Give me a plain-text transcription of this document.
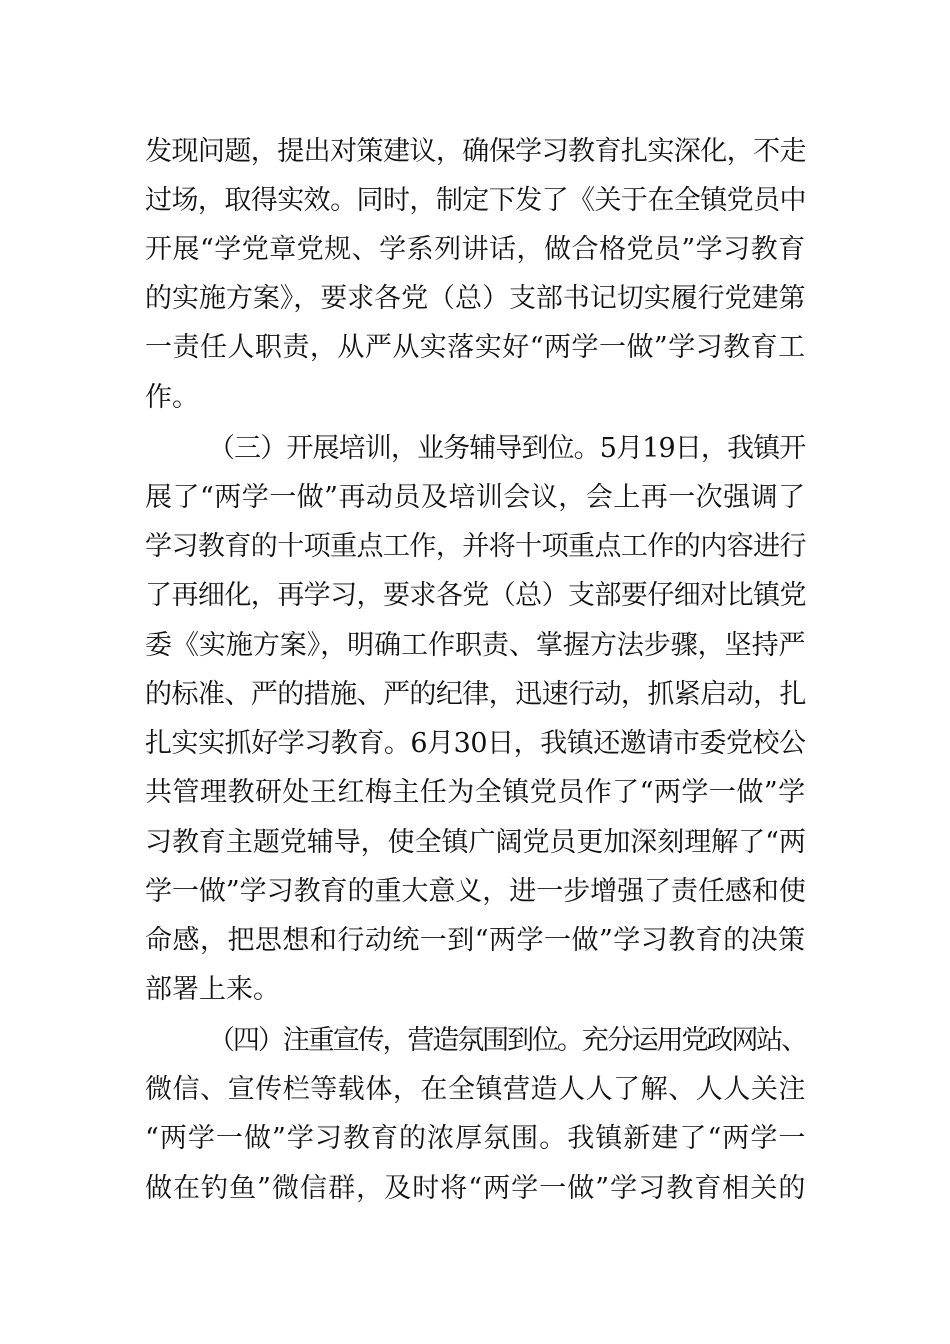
发现问题，提出对策建议，确保学习教育扎实深化，不走
过场，取得实效。同时，制定下发了《关于在全镇党员中
开展“学党章党规、学系列讲话，做合格党员”学习教育
的实施方案》，要求各党（总）支部书记切实履行党建第
一责任人职责，从严从实落实好“两学一做”学习教育工
作。
（三）开展培训，业务辅导到位。5月19日，我镇开
展了“两学一做”再动员及培训会议，会上再一次强调了
学习教育的十项重点工作，并将十项重点工作的内容进行
了再细化，再学习，要求各党（总）支部要仔细对比镇党
委《实施方案》，明确工作职责、掌握方法步骤，坚持严
的标准、严的措施、严的纪律，迅速行动，抓紧启动，扎
扎实实抓好学习教育。6月30日，我镇还邀请市委党校公
共管理教研处王红梅主任为全镇党员作了“两学一做”学
习教育主题党辅导，使全镇广阔党员更加深刻理解了“两
学一做”学习教育的重大意义，进一步增强了责任感和使
命感，把思想和行动统一到“两学一做”学习教育的决策
部署上来。
（四）注重宣传，营造氛围到位。充分运用党政网站、
微信、宣传栏等载体，在全镇营造人人了解、人人关注
“两学一做”学习教育的浓厚氛围。我镇新建了“两学一
做在钓鱼”微信群，及时将“两学一做”学习教育相关的
